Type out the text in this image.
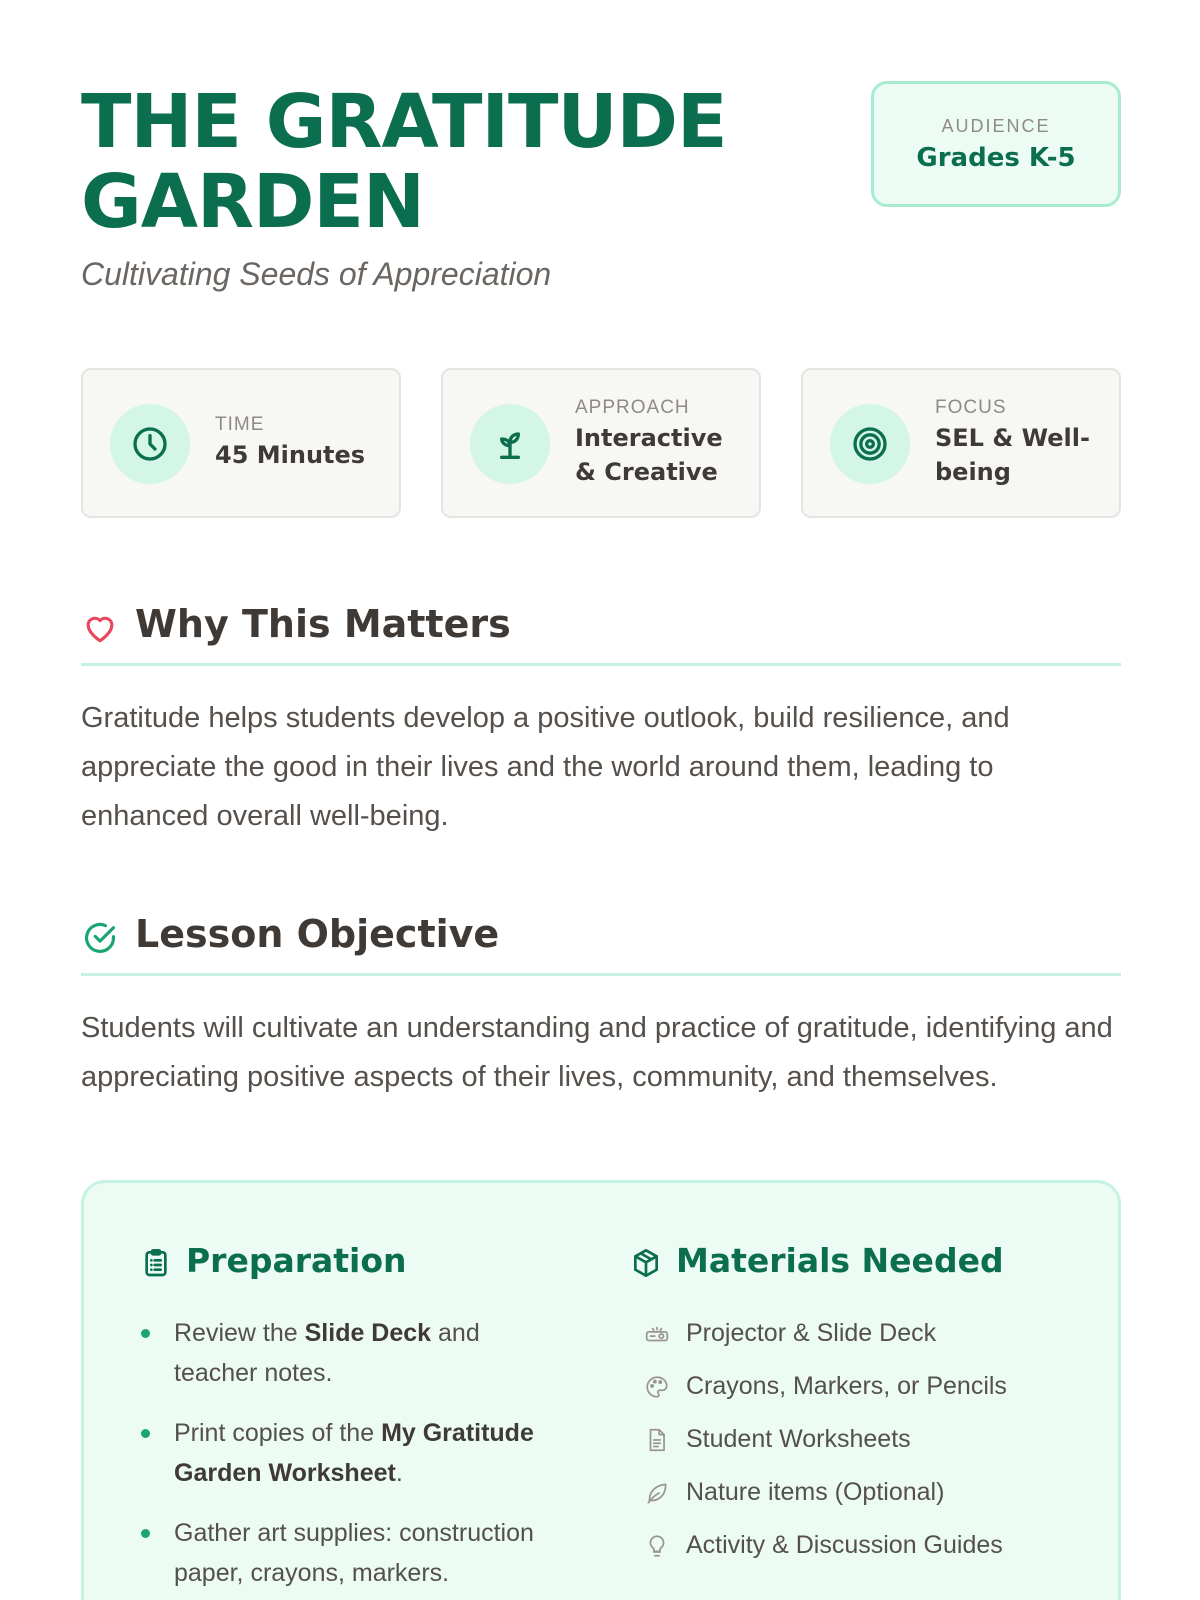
THE GRATITUDE
GARDEN
Cultivating Seeds of Appreciation
AUDIENCE
Grades K-5
TIME
45 Minutes
APPROACH
Interactive & Creative
FOCUS
SEL & Well-being
Why This Matters

Gratitude helps students develop a positive outlook, build resilience, and appreciate the good in their lives and the world around them, leading to enhanced overall well-being.

Lesson Objective

Students will cultivate an understanding and practice of gratitude, identifying and appreciating positive aspects of their lives, community, and themselves.

Preparation
Review the Slide Deck and teacher notes.
Print copies of the My Gratitude Garden Worksheet.
Gather art supplies: construction paper, crayons, markers.
Materials Needed
Projector & Slide Deck
Crayons, Markers, or Pencils
Student Worksheets
Nature items (Optional)
Activity & Discussion Guides
